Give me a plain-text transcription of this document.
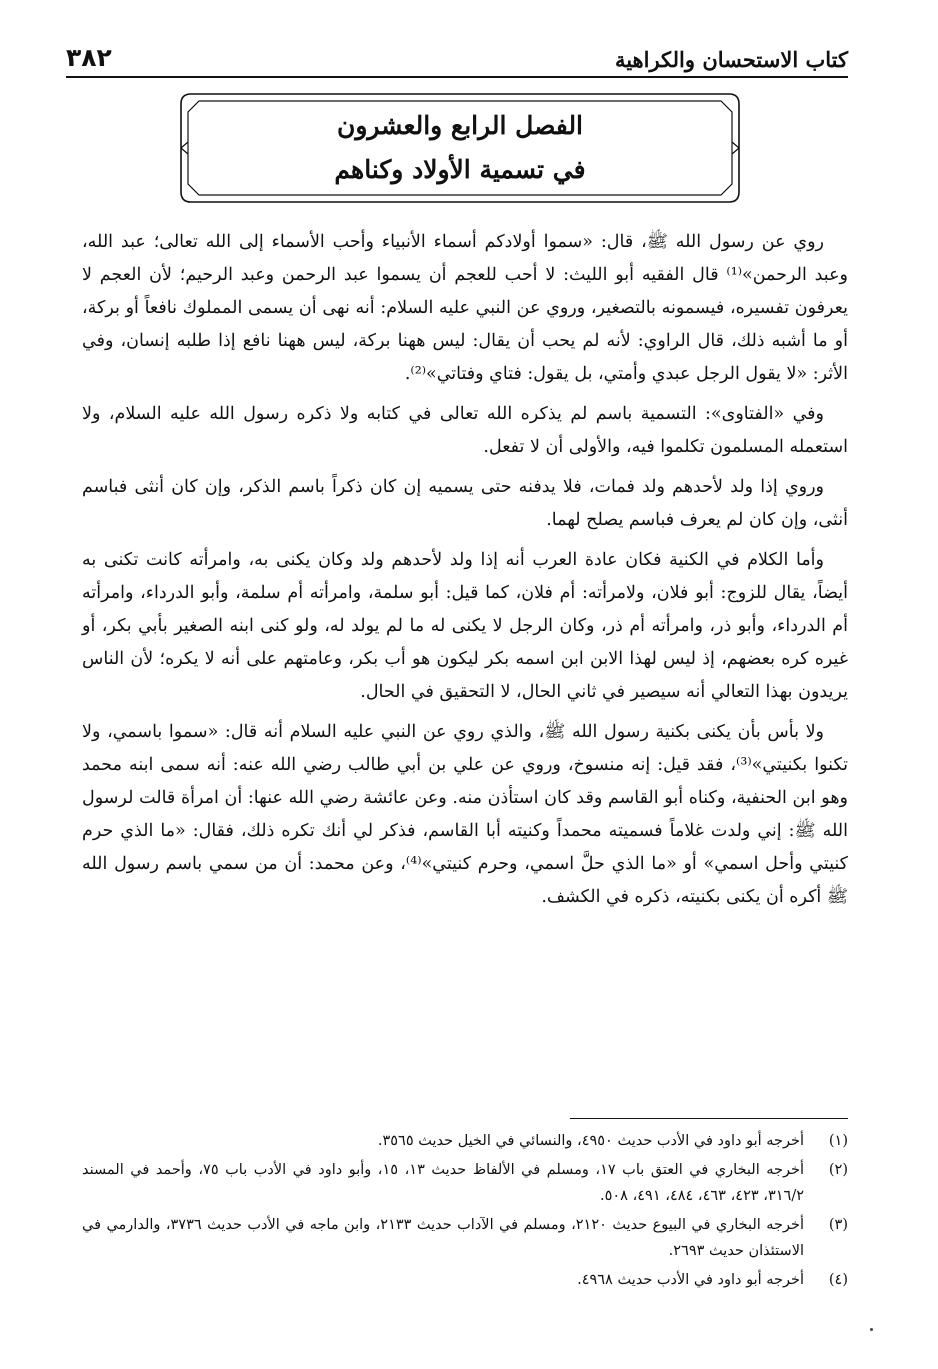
كتاب الاستحسان والكراهية
٣٨٢
الفصل الرابع والعشرون
في تسمية الأولاد وكناهم

روي عن رسول الله ﷺ، قال: «سموا أولادكم أسماء الأنبياء وأحب الأسماء إلى الله تعالى؛ عبد الله، وعبد الرحمن»⁽¹⁾ قال الفقيه أبو الليث: لا أحب للعجم أن يسموا عبد الرحمن وعبد الرحيم؛ لأن العجم لا يعرفون تفسيره، فيسمونه بالتصغير، وروي عن النبي عليه السلام: أنه نهى أن يسمى المملوك نافعاً أو بركة، أو ما أشبه ذلك، قال الراوي: لأنه لم يحب أن يقال: ليس ههنا بركة، ليس ههنا نافع إذا طلبه إنسان، وفي الأثر: «لا يقول الرجل عبدي وأمتي، بل يقول: فتاي وفتاتي»⁽²⁾.

وفي «الفتاوى»: التسمية باسم لم يذكره الله تعالى في كتابه ولا ذكره رسول الله عليه السلام، ولا استعمله المسلمون تكلموا فيه، والأولى أن لا تفعل.

وروي إذا ولد لأحدهم ولد فمات، فلا يدفنه حتى يسميه إن كان ذكراً باسم الذكر، وإن كان أنثى فباسم أنثى، وإن كان لم يعرف فباسم يصلح لهما.

وأما الكلام في الكنية فكان عادة العرب أنه إذا ولد لأحدهم ولد وكان يكنى به، وامرأته كانت تكنى به أيضاً، يقال للزوج: أبو فلان، ولامرأته: أم فلان، كما قيل: أبو سلمة، وامرأته أم سلمة، وأبو الدرداء، وامرأته أم الدرداء، وأبو ذر، وامرأته أم ذر، وكان الرجل لا يكنى له ما لم يولد له، ولو كنى ابنه الصغير بأبي بكر، أو غيره كره بعضهم، إذ ليس لهذا الابن ابن اسمه بكر ليكون هو أب بكر، وعامتهم على أنه لا يكره؛ لأن الناس يريدون بهذا التعالي أنه سيصير في ثاني الحال، لا التحقيق في الحال.

ولا بأس بأن يكنى بكنية رسول الله ﷺ، والذي روي عن النبي عليه السلام أنه قال: «سموا باسمي، ولا تكنوا بكنيتي»⁽³⁾، فقد قيل: إنه منسوخ، وروي عن علي بن أبي طالب رضي الله عنه: أنه سمى ابنه محمد وهو ابن الحنفية، وكناه أبو القاسم وقد كان استأذن منه. وعن عائشة رضي الله عنها: أن امرأة قالت لرسول الله ﷺ: إني ولدت غلاماً فسميته محمداً وكنيته أبا القاسم، فذكر لي أنك تكره ذلك، فقال: «ما الذي حرم كنيتي وأحل اسمي» أو «ما الذي حلَّ اسمي، وحرم كنيتي»⁽⁴⁾، وعن محمد: أن من سمي باسم رسول الله ﷺ أكره أن يكنى بكنيته، ذكره في الكشف.

(١)
أخرجه أبو داود في الأدب حديث ٤٩٥٠، والنسائي في الخيل حديث ٣٥٦٥.
(٢)
أخرجه البخاري في العتق باب ١٧، ومسلم في الألفاظ حديث ١٣، ١٥، وأبو داود في الأدب باب ٧٥، وأحمد في المسند ٣١٦/٢، ٤٢٣، ٤٦٣، ٤٨٤، ٤٩١، ٥٠٨.
(٣)
أخرجه البخاري في البيوع حديث ٢١٢٠، ومسلم في الآداب حديث ٢١٣٣، وابن ماجه في الأدب حديث ٣٧٣٦، والدارمي في الاستئذان حديث ٢٦٩٣.
(٤)
أخرجه أبو داود في الأدب حديث ٤٩٦٨.
